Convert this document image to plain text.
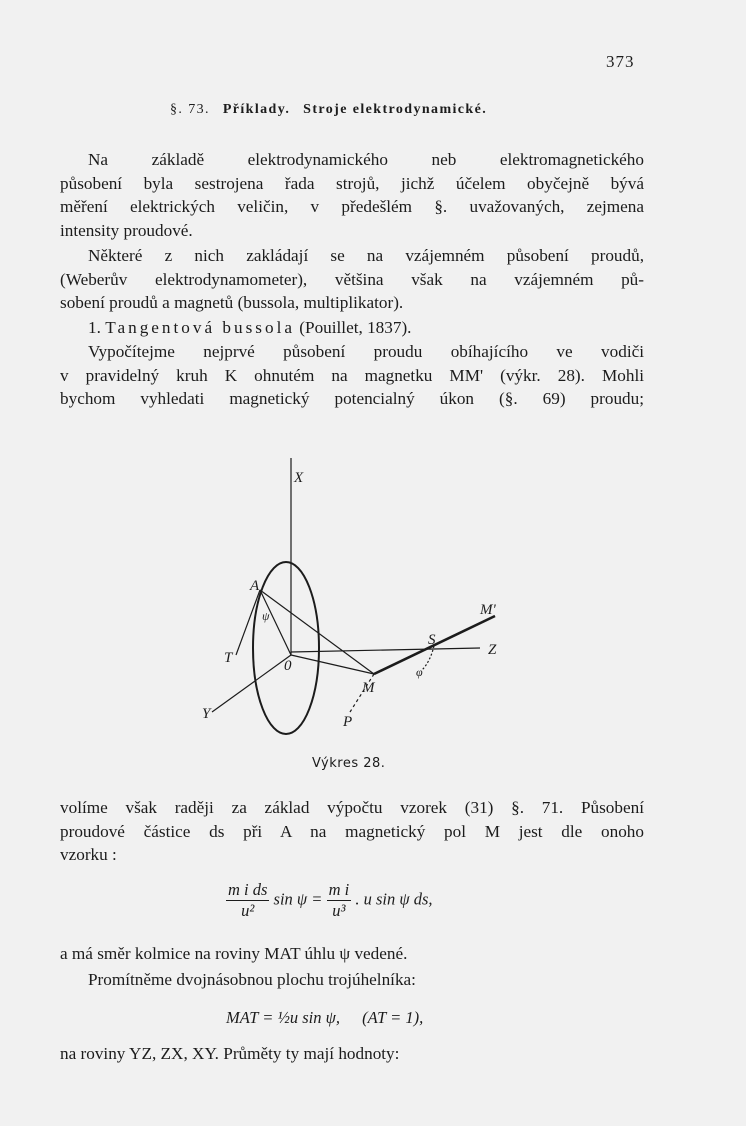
373
§. 73. Příklady. Stroje elektrodynamické.
Na základě elektrodynamického neb elektromagnetického
působení byla sestrojena řada strojů, jichž účelem obyčejně bývá
měření elektrických veličin, v předešlém §. uvažovaných, zejmena
intensity proudové.
Některé z nich zakládají se na vzájemném působení proudů,
(Weberův elektrodynamometer), většina však na vzájemném pů-
sobení proudů a magnetů (bussola, multiplikator).
1. Tangentová bussola (Pouillet, 1837).
Vypočítejme nejprvé působení proudu obíhajícího ve vodiči
v pravidelný kruh K ohnutém na magnetku MM' (výkr. 28). Mohli
bychom vyhledati magnetický potencialný úkon (§. 69) proudu;
X
A
ψ
T	0
Y
M
P
S
φ
M'
Z
Výkres 28.
volíme však raději za základ výpočtu vzorek (31) §. 71. Působení
proudové částice ds při A na magnetický pol M jest dle onoho
vzorku :
$\frac{\text{m i ds}}{\text{u²}}$ $\sin \psi = \frac{\text{m i}}{\text{u³}}$ . u sin ψ ds,
a má směr kolmice na roviny MAT úhlu ψ vedené.
Promítněme dvojnásobnou plochu trojúhelníka:
MAT = ½u sin ψ, (AT = 1),
na roviny YZ, ZX, XY. Průměty ty mají hodnoty:
